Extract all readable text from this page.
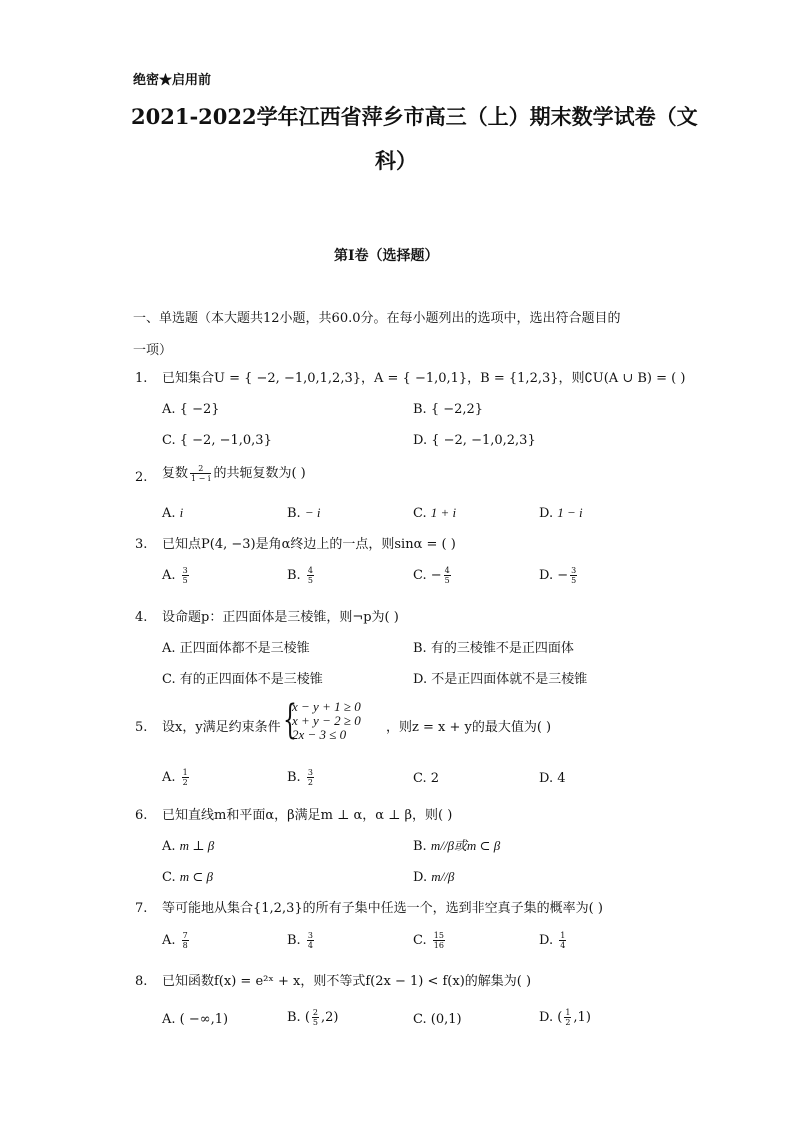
绝密★启用前
2021-2022学年江西省萍乡市高三（上）期末数学试卷（文
科）
第I卷（选择题）
一、单选题（本大题共12小题，共60.0分。在每小题列出的选项中，选出符合题目的
一项）
1. 已知集合U = { −2, −1,0,1,2,3}，A = { −1,0,1}，B = {1,2,3}，则∁U(A ∪ B) = ( )
A. { −2}	B. { −2,2}
C. { −2, −1,0,3}	D. { −2, −1,0,2,3}
2. 复数 $\frac{2}{1 - i}$ 的共轭复数为( )
A. i	B. − i	C. 1 + i	D. 1 − i
3. 已知点P(4, −3)是角α终边上的一点，则sinα = ( )
A. $\frac{3}{5}$	B. $\frac{4}{5}$	C. − $\frac{4}{5}$	D. − $\frac{3}{5}$
4. 设命题p：正四面体是三棱锥，则¬p为( )
A. 正四面体都不是三棱锥	B. 有的三棱锥不是正四面体
C. 有的正四面体不是三棱锥	D. 不是正四面体就不是三棱锥
5. 设x，y满足约束条件 {
x − y + 1 ≥ 0
x + y − 2 ≥ 0
2x − 3 ≤ 0	，则z = x + y的最大值为( )
A. $\frac{1}{2}$	B. $\frac{3}{2}$	C. 2	D. 4
6. 已知直线m和平面α，β满足m ⊥ α，α ⊥ β，则( )
A. m ⊥ β	B. m//β或m ⊂ β
C. m ⊂ β	D. m//β
7. 等可能地从集合{1,2,3}的所有子集中任选一个，选到非空真子集的概率为( )
A. $\frac{7}{8}$	B. $\frac{3}{4}$	C. $\frac{15}{16}$	D. $\frac{1}{4}$
8. 已知函数f(x) = e²ˣ + x，则不等式f(2x − 1) < f(x)的解集为( )
A. ( −∞,1)	B. ( $\frac{2}{5} ,2$)	C. (0,1)	D. ( $\frac{1}{2} ,1$)
